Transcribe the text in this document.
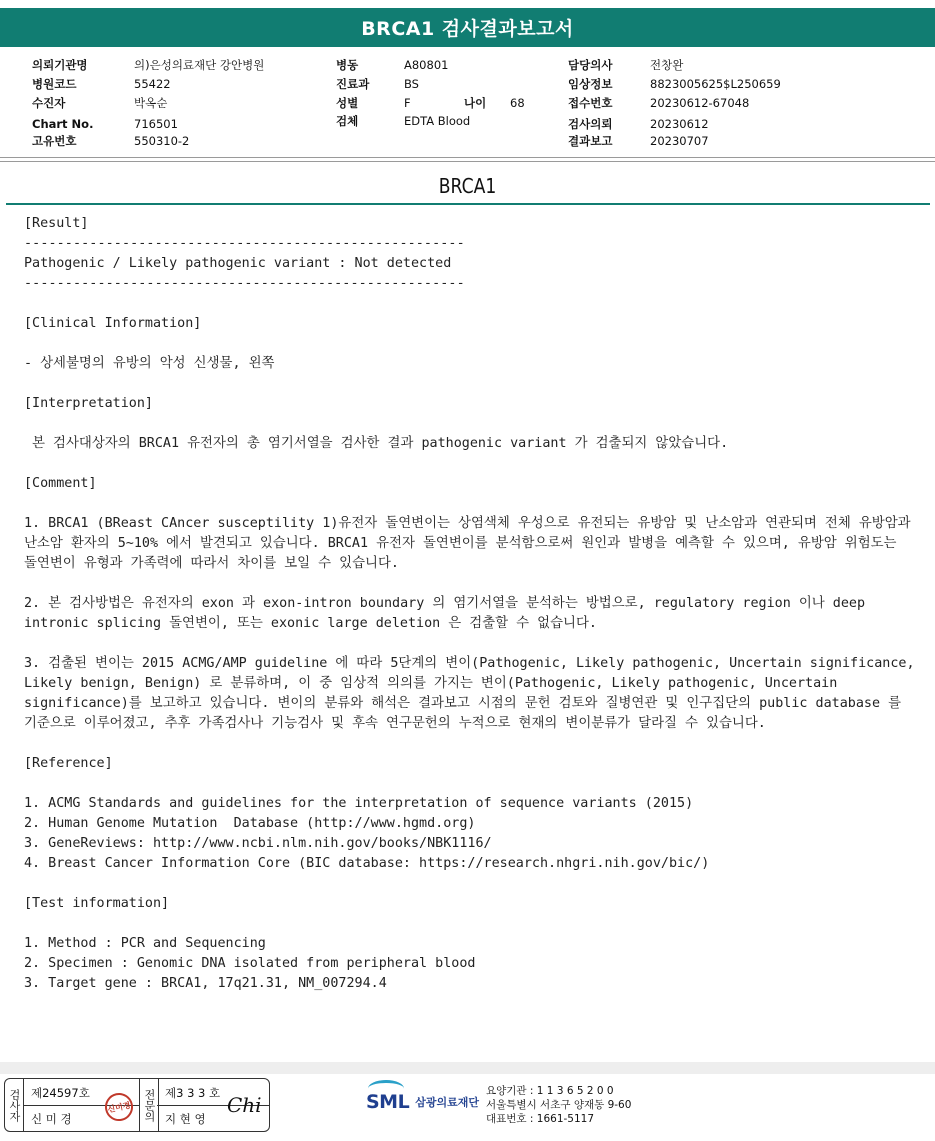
BRCA1 검사결과보고서
의뢰기관명	의)은성의료재단 강안병원
병원코드	55422
수진자	박옥순
Chart No.	716501
고유번호	550310-2
병동	A80801
진료과	BS
성별	F	나이 68
검체	EDTA Blood
담당의사	전창완
임상정보	8823005625$L250659
접수번호	20230612-67048
검사의뢰	20230612
결과보고	20230707
BRCA1
[Result]
------------------------------------------------------
Pathogenic / Likely pathogenic variant : Not detected
------------------------------------------------------
[Clinical Information]
- 상세불명의 유방의 악성 신생물, 왼쪽
[Interpretation]
본 검사대상자의 BRCA1 유전자의 총 염기서열을 검사한 결과 pathogenic variant 가 검출되지 않았습니다.
[Comment]
1. BRCA1 (BReast CAncer susceptility 1)유전자 돌연변이는 상염색체 우성으로 유전되는 유방암 및 난소암과 연관되며 전체 유방암과 난소암 환자의 5~10% 에서 발견되고 있습니다. BRCA1 유전자 돌연변이를 분석함으로써 원인과 발병을 예측할 수 있으며, 유방암 위험도는 돌연변이 유형과 가족력에 따라서 차이를 보일 수 있습니다.
2. 본 검사방법은 유전자의 exon 과 exon-intron boundary 의 염기서열을 분석하는 방법으로, regulatory region 이나 deep intronic splicing 돌연변이, 또는 exonic large deletion 은 검출할 수 없습니다.
3. 검출된 변이는 2015 ACMG/AMP guideline 에 따라 5단계의 변이(Pathogenic, Likely pathogenic, Uncertain significance, Likely benign, Benign) 로 분류하며, 이 중 임상적 의의를 가지는 변이(Pathogenic, Likely pathogenic, Uncertain significance)를 보고하고 있습니다. 변이의 분류와 해석은 결과보고 시점의 문헌 검토와 질병연관 및 인구집단의 public database 를 기준으로 이루어졌고, 추후 가족검사나 기능검사 및 후속 연구문헌의 누적으로 현재의 변이분류가 달라질 수 있습니다.
[Reference]
1. ACMG Standards and guidelines for the interpretation of sequence variants (2015)
2. Human Genome Mutation  Database (http://www.hgmd.org)
3. GeneReviews: http://www.ncbi.nlm.nih.gov/books/NBK1116/
4. Breast Cancer Information Core (BIC database: https://research.nhgri.nih.gov/bic/)
[Test information]
1. Method : PCR and Sequencing
2. Specimen : Genomic DNA isolated from peripheral blood
3. Target gene : BRCA1, 17q21.31, NM_007294.4
검사자 제24597호
신 미 경
신미경	전문의 제3 3 3 호
지 현 영
Chi	SML 삼광의료재단
요양기관 : 1 1 3 6 5 2 0 0
서울특별시 서초구 양재동 9-60
대표번호 : 1661-5117
